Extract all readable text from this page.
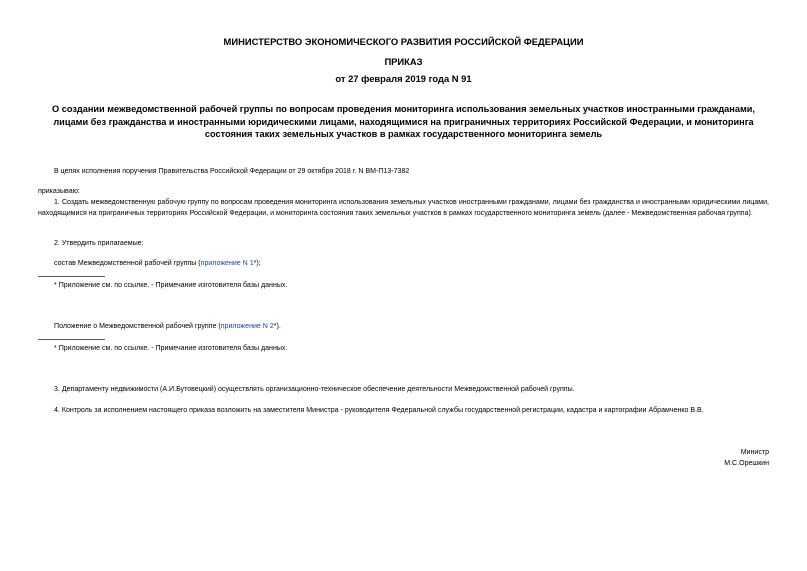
МИНИСТЕРСТВО ЭКОНОМИЧЕСКОГО РАЗВИТИЯ РОССИЙСКОЙ ФЕДЕРАЦИИ
ПРИКАЗ
от 27 февраля 2019 года N 91
О создании межведомственной рабочей группы по вопросам проведения мониторинга использования земельных участков иностранными гражданами, лицами без гражданства и иностранными юридическими лицами, находящимися на приграничных территориях Российской Федерации, и мониторинга состояния таких земельных участков в рамках государственного мониторинга земель
В целях исполнения поручения Правительства Российской Федерации от 29 октября 2018 г. N ВМ-П13-7382
приказываю:
1. Создать межведомственную рабочую группу по вопросам проведения мониторинга использования земельных участков иностранными гражданами, лицами без гражданства и иностранными юридическими лицами, находящимися на приграничных территориях Российской Федерации, и мониторинга состояния таких земельных участков в рамках государственного мониторинга земель (далее - Межведомственная рабочая группа).
2. Утвердить прилагаемые:
состав Межведомственной рабочей группы (приложение N 1*);
* Приложение см. по ссылке. - Примечание изготовителя базы данных.
Положение о Межведомственной рабочей группе (приложение N 2*).
* Приложение см. по ссылке. - Примечание изготовителя базы данных.
3. Департаменту недвижимости (А.И.Бутовецкий) осуществлять организационно-техническое обеспечение деятельности Межведомственной рабочей группы.
4. Контроль за исполнением настоящего приказа возложить на заместителя Министра - руководителя Федеральной службы государственной регистрации, кадастра и картографии Абрамченко В.В.
Министр
М.С.Орешкин
